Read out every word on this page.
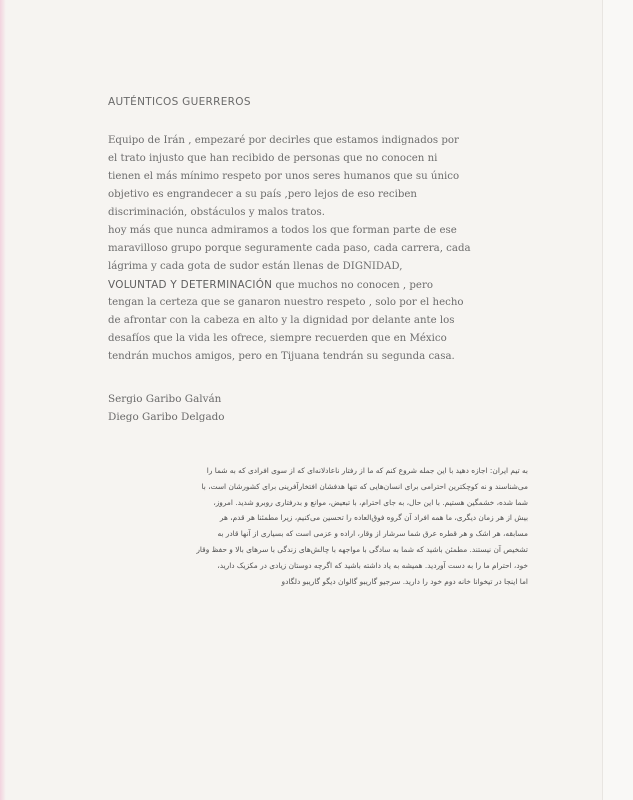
AUTÉNTICOS GUERREROS
Equipo de Irán , empezaré por decirles que estamos indignados por
el trato injusto que han recibido de personas que no conocen ni
tienen el más mínimo respeto por unos seres humanos que su único
objetivo es engrandecer a su país ,pero lejos de eso reciben
discriminación, obstáculos y malos tratos.
hoy más que nunca admiramos a todos los que forman parte de ese
maravilloso grupo porque seguramente cada paso, cada carrera, cada
lágrima y cada gota de sudor están llenas de DIGNIDAD,
VOLUNTAD Y DETERMINACIÓN que muchos no conocen , pero
tengan la certeza que se ganaron nuestro respeto , solo por el hecho
de afrontar con la cabeza en alto y la dignidad por delante ante los
desafíos que la vida les ofrece, siempre recuerden que en México
tendrán muchos amigos, pero en Tijuana tendrán su segunda casa.
Sergio Garibo Galván
Diego Garibo Delgado
به تیم ایران: اجازه دهید با این جمله شروع کنم که ما از رفتار ناعادلانه‌ای که از سوی افرادی که به شما را
می‌شناسند و نه کوچکترین احترامی برای انسان‌هایی که تنها هدفشان افتخارآفرینی برای کشورشان است، با
شما شده، خشمگین هستیم. با این حال، به جای احترام، با تبعیض، موانع و بدرفتاری روبرو شدید. امروز،
بیش از هر زمان دیگری، ما همه افراد آن گروه فوق‌العاده را تحسین می‌کنیم، زیرا مطمئنا هر قدم، هر
مسابقه، هر اشک و هر قطره عرق شما سرشار از وقار، اراده و عزمی است که بسیاری از آنها قادر به
تشخیص آن نیستند. مطمئن باشید که شما به سادگی با مواجهه با چالش‌های زندگی با سرهای بالا و حفظ وقار
خود، احترام ما را به دست آوردید. همیشه به یاد داشته باشید که اگرچه دوستان زیادی در مکزیک دارید،
اما اینجا در تیخوانا خانه دوم خود را دارید. سرجیو گاریبو گالوان دیگو گاریبو دلگادو
